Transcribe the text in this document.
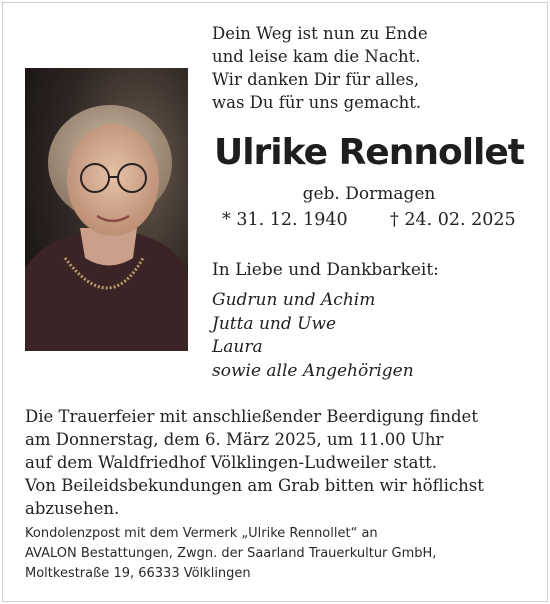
Dein Weg ist nun zu Ende
und leise kam die Nacht.
Wir danken Dir für alles,
was Du für uns gemacht.
Ulrike Rennollet
geb. Dormagen
* 31. 12. 1940 † 24. 02. 2025
In Liebe und Dankbarkeit:
Gudrun und Achim
Jutta und Uwe
Laura
sowie alle Angehörigen
Die Trauerfeier mit anschließender Beerdigung findet
am Donnerstag, dem 6. März 2025, um 11.00 Uhr
auf dem Waldfriedhof Völklingen-Ludweiler statt.
Von Beileidsbekundungen am Grab bitten wir höflichst
abzusehen.
Kondolenzpost mit dem Vermerk „Ulrike Rennollet“ an
AVALON Bestattungen, Zwgn. der Saarland Trauerkultur GmbH,
Moltkestraße 19, 66333 Völklingen
